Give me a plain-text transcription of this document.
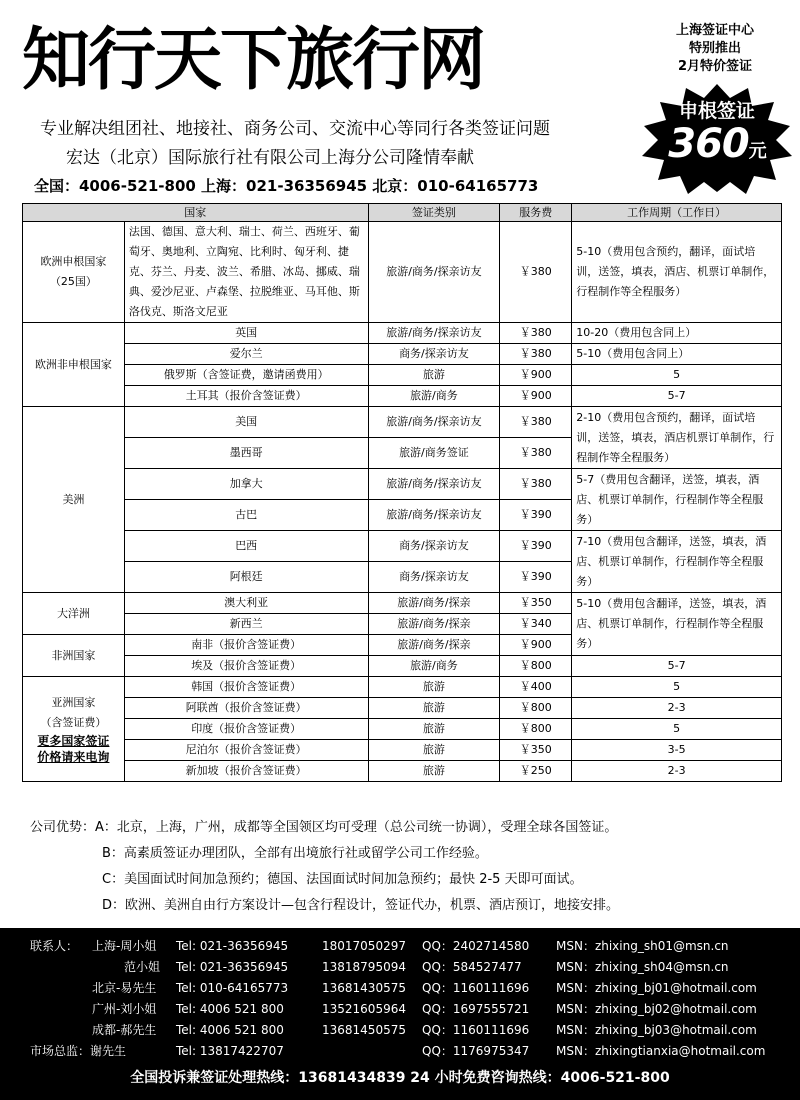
知行天下旅行网	上海签证中心
特别推出
2月特价签证
申根签证
360元
专业解决组团社、地接社、商务公司、交流中心等同行各类签证问题
宏达（北京）国际旅行社有限公司上海分公司隆情奉献
全国：4006-521-800 上海：021-36356945 北京：010-64165773
国家		签证类别	服务费	工作周期（工作日）

欧洲申根国家
（25国）	法国、德国、意大利、瑞士、荷兰、西班牙、葡萄牙、奥地利、立陶宛、比利时、匈牙利、捷克、芬兰、丹麦、波兰、希腊、冰岛、挪威、瑞典、爱沙尼亚、卢森堡、拉脱维亚、马耳他、斯洛伐克、斯洛文尼亚	旅游/商务/探亲访友	￥380	5-10（费用包含预约，翻译，面试培训，送签，填表，酒店、机票订单制作，行程制作等全程服务）

欧洲非申根国家	英国	旅游/商务/探亲访友	￥380	10-20（费用包含同上）
	爱尔兰	商务/探亲访友	￥380	5-10（费用包含同上）
	俄罗斯（含签证费，邀请函费用）	旅游	￥900	5
	土耳其（报价含签证费）	旅游/商务	￥900	5-7

美洲	美国	旅游/商务/探亲访友	￥380	2-10（费用包含预约，翻译，面试培训，送签，填表，酒店机票订单制作，行程制作等全程服务）
	墨西哥	旅游/商务签证	￥380	
	加拿大	旅游/商务/探亲访友	￥380	5-7（费用包含翻译，送签，填表，酒店、机票订单制作，行程制作等全程服务）
	古巴	旅游/商务/探亲访友	￥390	
	巴西	商务/探亲访友	￥390	7-10（费用包含翻译，送签，填表，酒店、机票订单制作，行程制作等全程服务）
	阿根廷	商务/探亲访友	￥390	

大洋洲	澳大利亚	旅游/商务/探亲	￥350	5-10（费用包含翻译，送签，填表，酒店、机票订单制作，行程制作等全程服务）
	新西兰	旅游/商务/探亲	￥340	

非洲国家	南非（报价含签证费）	旅游/商务/探亲	￥900	
	埃及（报价含签证费）	旅游/商务	￥800	5-7

亚洲国家
（含签证费）
更多国家签证
价格请来电询	韩国（报价含签证费）	旅游	￥400	5
	阿联酋（报价含签证费）	旅游	￥800	2-3
	印度（报价含签证费）	旅游	￥800	5
	尼泊尔（报价含签证费）	旅游	￥350	3-5
	新加坡（报价含签证费）	旅游	￥250	2-3
公司优势：A：北京，上海，广州，成都等全国领区均可受理（总公司统一协调），受理全球各国签证。
B：高素质签证办理团队，全部有出境旅行社或留学公司工作经验。
C：美国面试时间加急预约；德国、法国面试时间加急预约；最快 2-5 天即可面试。
D：欧洲、美洲自由行方案设计—包含行程设计，签证代办，机票、酒店预订，地接安排。
联系人： 上海-周小姐 Tel: 021-36356945	18017050297 QQ：2402714580 MSN：zhixing_sh01@msn.cn
范小姐 Tel: 021-36356945	13818795094 QQ：584527477	MSN：zhixing_sh04@msn.cn
北京-易先生 Tel: 010-64165773	13681430575 QQ：1160111696 MSN：zhixing_bj01@hotmail.com
广州-刘小姐 Tel: 4006 521 800	13521605964 QQ：1697555721 MSN：zhixing_bj02@hotmail.com
成都-郝先生 Tel: 4006 521 800	13681450575 QQ：1160111696 MSN：zhixing_bj03@hotmail.com
市场总监：谢先生	Tel: 13817422707	QQ：1176975347 MSN：zhixingtianxia@hotmail.com
全国投诉兼签证处理热线：13681434839 24 小时免费咨询热线：4006-521-800
